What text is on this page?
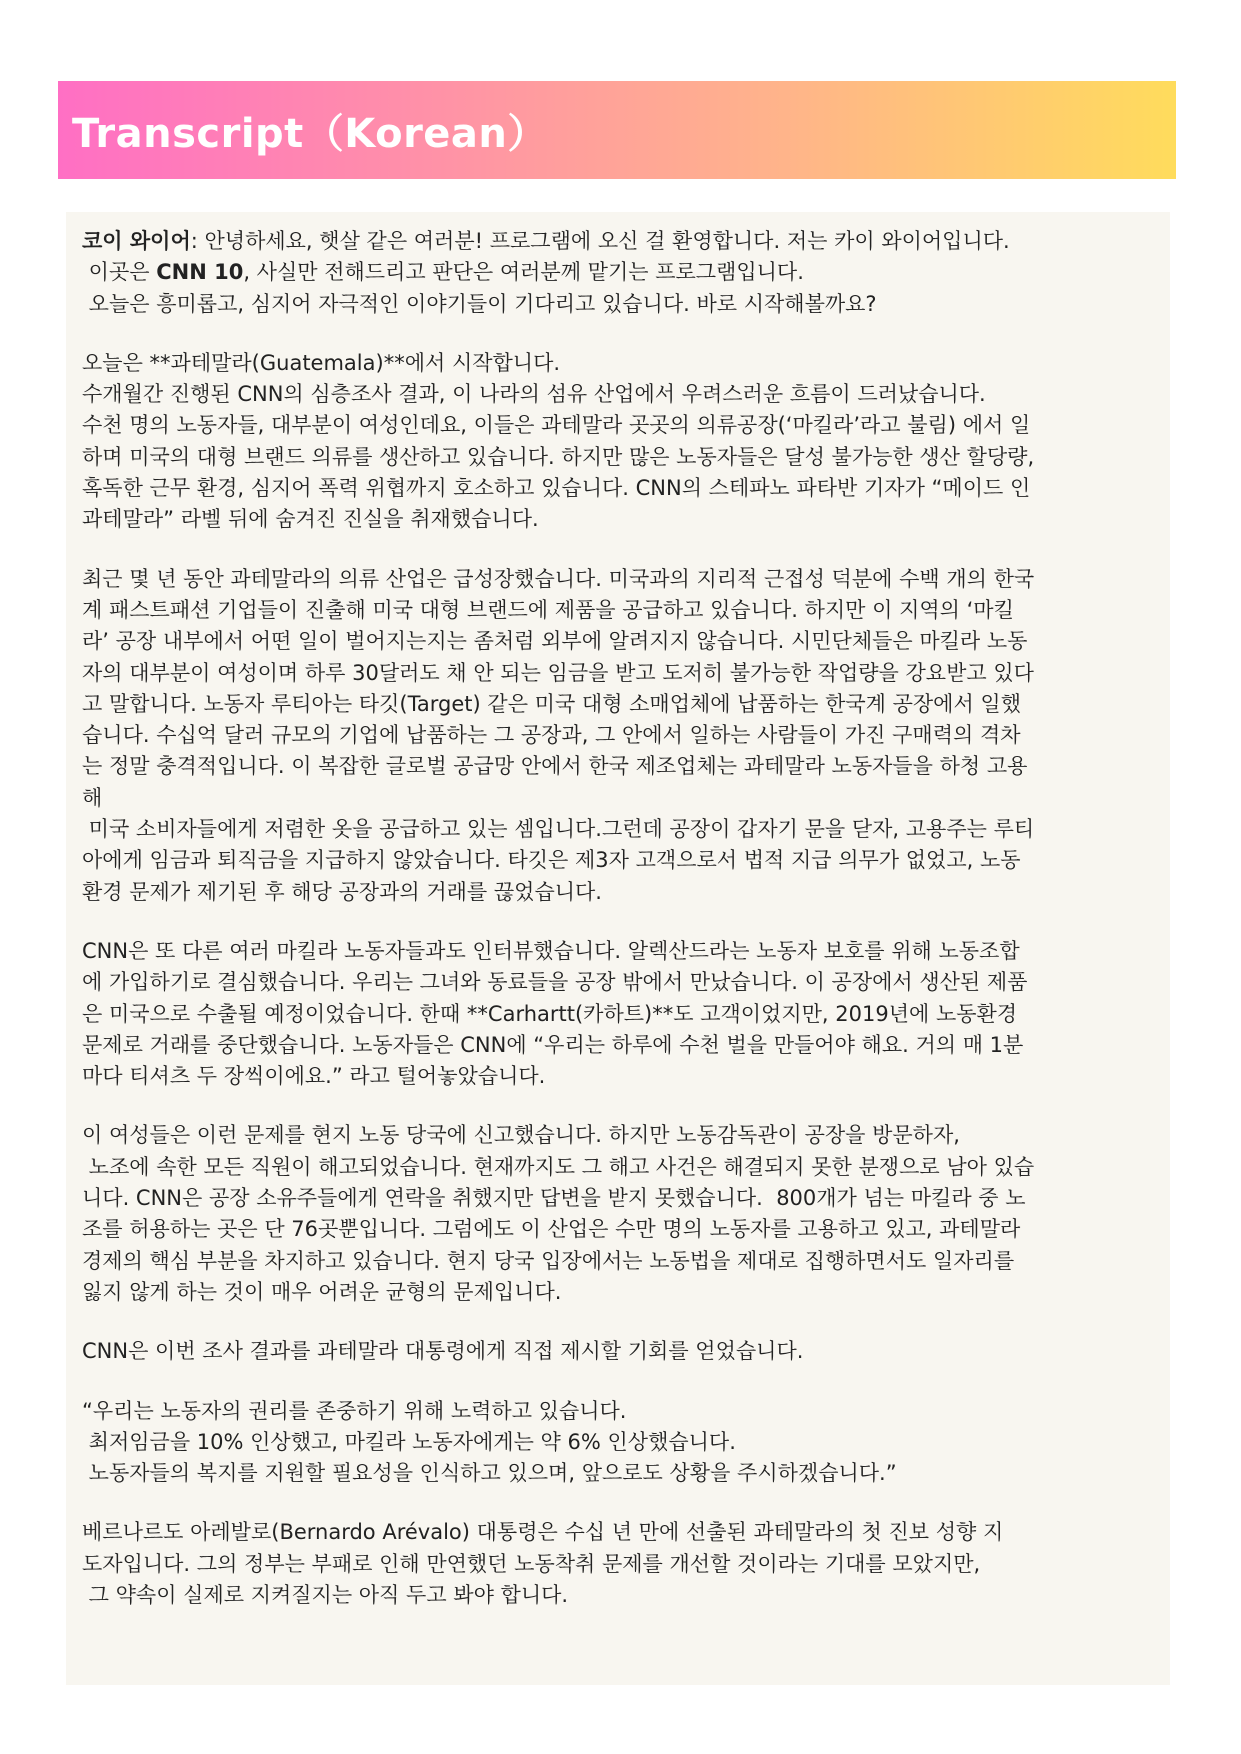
Transcript（Korean）
코이 와이어: 안녕하세요, 햇살 같은 여러분! 프로그램에 오신 걸 환영합니다. 저는 카이 와이어입니다.
이곳은 CNN 10, 사실만 전해드리고 판단은 여러분께 맡기는 프로그램입니다.
오늘은 흥미롭고, 심지어 자극적인 이야기들이 기다리고 있습니다. 바로 시작해볼까요?
오늘은 **과테말라(Guatemala)**에서 시작합니다.
수개월간 진행된 CNN의 심층조사 결과, 이 나라의 섬유 산업에서 우려스러운 흐름이 드러났습니다.
수천 명의 노동자들, 대부분이 여성인데요, 이들은 과테말라 곳곳의 의류공장(‘마킬라’라고 불림) 에서 일
하며 미국의 대형 브랜드 의류를 생산하고 있습니다. 하지만 많은 노동자들은 달성 불가능한 생산 할당량,
혹독한 근무 환경, 심지어 폭력 위협까지 호소하고 있습니다. CNN의 스테파노 파타반 기자가 “메이드 인
과테말라” 라벨 뒤에 숨겨진 진실을 취재했습니다.
최근 몇 년 동안 과테말라의 의류 산업은 급성장했습니다. 미국과의 지리적 근접성 덕분에 수백 개의 한국
계 패스트패션 기업들이 진출해 미국 대형 브랜드에 제품을 공급하고 있습니다. 하지만 이 지역의 ‘마킬
라’ 공장 내부에서 어떤 일이 벌어지는지는 좀처럼 외부에 알려지지 않습니다. 시민단체들은 마킬라 노동
자의 대부분이 여성이며 하루 30달러도 채 안 되는 임금을 받고 도저히 불가능한 작업량을 강요받고 있다
고 말합니다. 노동자 루티아는 타깃(Target) 같은 미국 대형 소매업체에 납품하는 한국계 공장에서 일했
습니다. 수십억 달러 규모의 기업에 납품하는 그 공장과, 그 안에서 일하는 사람들이 가진 구매력의 격차
는 정말 충격적입니다. 이 복잡한 글로벌 공급망 안에서 한국 제조업체는 과테말라 노동자들을 하청 고용
해
미국 소비자들에게 저렴한 옷을 공급하고 있는 셈입니다.그런데 공장이 갑자기 문을 닫자, 고용주는 루티
아에게 임금과 퇴직금을 지급하지 않았습니다. 타깃은 제3자 고객으로서 법적 지급 의무가 없었고, 노동
환경 문제가 제기된 후 해당 공장과의 거래를 끊었습니다.
CNN은 또 다른 여러 마킬라 노동자들과도 인터뷰했습니다. 알렉산드라는 노동자 보호를 위해 노동조합
에 가입하기로 결심했습니다. 우리는 그녀와 동료들을 공장 밖에서 만났습니다. 이 공장에서 생산된 제품
은 미국으로 수출될 예정이었습니다. 한때 **Carhartt(카하트)**도 고객이었지만, 2019년에 노동환경
문제로 거래를 중단했습니다. 노동자들은 CNN에 “우리는 하루에 수천 벌을 만들어야 해요. 거의 매 1분
마다 티셔츠 두 장씩이에요.” 라고 털어놓았습니다.
이 여성들은 이런 문제를 현지 노동 당국에 신고했습니다. 하지만 노동감독관이 공장을 방문하자,
노조에 속한 모든 직원이 해고되었습니다. 현재까지도 그 해고 사건은 해결되지 못한 분쟁으로 남아 있습
니다. CNN은 공장 소유주들에게 연락을 취했지만 답변을 받지 못했습니다.  800개가 넘는 마킬라 중 노
조를 허용하는 곳은 단 76곳뿐입니다. 그럼에도 이 산업은 수만 명의 노동자를 고용하고 있고, 과테말라
경제의 핵심 부분을 차지하고 있습니다. 현지 당국 입장에서는 노동법을 제대로 집행하면서도 일자리를
잃지 않게 하는 것이 매우 어려운 균형의 문제입니다.
CNN은 이번 조사 결과를 과테말라 대통령에게 직접 제시할 기회를 얻었습니다.
“우리는 노동자의 권리를 존중하기 위해 노력하고 있습니다.
최저임금을 10% 인상했고, 마킬라 노동자에게는 약 6% 인상했습니다.
노동자들의 복지를 지원할 필요성을 인식하고 있으며, 앞으로도 상황을 주시하겠습니다.”
베르나르도 아레발로(Bernardo Arévalo) 대통령은 수십 년 만에 선출된 과테말라의 첫 진보 성향 지
도자입니다. 그의 정부는 부패로 인해 만연했던 노동착취 문제를 개선할 것이라는 기대를 모았지만,
그 약속이 실제로 지켜질지는 아직 두고 봐야 합니다.
